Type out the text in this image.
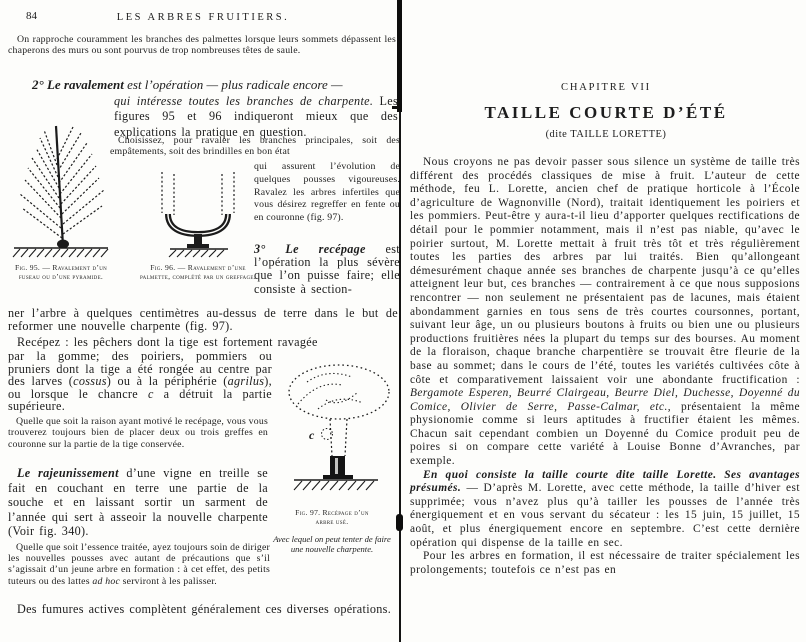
84	LES ARBRES FRUITIERS.
On rapproche couramment les branches des palmettes lorsque leurs sommets dépassent les chaperons des murs ou sont pourvus de trop nombreuses têtes de saule.
2° Le ravalement est l’opération — plus radicale encore —
qui intéresse toutes les branches de charpente. Les figures 95 et 96 indiqueront mieux que des explications la pratique en question.
Fig. 95. — Ravalement d’un fuseau ou d’une pyramide.
Choisissez, pour ravaler les branches principales, soit des empâtements, soit des brindilles en bon état
qui assurent l’évolution de quelques pousses vigoureuses. Ravalez les arbres infertiles que vous désirez regreffer en fente ou en couronne (fig. 97).
Fig. 96. — Ravalement d’une palmette, complété par un greffage.
3° Le recépage est l’opération la plus sévère que l’on puisse faire; elle consiste à section-
ner l’arbre à quelques centimètres au-dessus de terre dans le but de reformer une nouvelle charpente (fig. 97).
Recépez : les pêchers dont la tige est fortement ravagée
par la gomme; des poiriers, pommiers ou pruniers dont la tige a été rongée au centre par des larves (cossus) ou à la périphérie (agrilus), ou lorsque le chancre c a détruit la partie supérieure.
Quelle que soit la raison ayant motivé le recépage, vous vous trouverez toujours bien de placer deux ou trois greffes en couronne sur la partie de la tige conservée.
Le rajeunissement d’une vigne en treille se fait en couchant en terre une partie de la souche et en laissant sortir un sarment de l’année qui sert à asseoir la nouvelle charpente (Voir fig. 340).
c
Fig. 97. Recépage d’un arbre usé.
Avec lequel on peut tenter de faire une nouvelle charpente.
Quelle que soit l’essence traitée, ayez toujours soin de diriger les nouvelles pousses avec autant de précautions que s’il s’agissait d’un jeune arbre en formation : à cet effet, des petits tuteurs ou des lattes ad hoc serviront à les palisser.
Des fumures actives complètent généralement ces diverses opérations.
CHAPITRE VII
TAILLE COURTE D’ÉTÉ
(dite TAILLE LORETTE)

Nous croyons ne pas devoir passer sous silence un système de taille très différent des procédés classiques de mise à fruit. L’auteur de cette méthode, feu L. Lorette, ancien chef de pratique horticole à l’École d’agriculture de Wagnonville (Nord), traitait identiquement les poiriers et les pommiers. Peut-être y aura-t-il lieu d’apporter quelques rectifications de détail pour le pommier notamment, mais il n’est pas niable, qu’avec le poirier surtout, M. Lorette mettait à fruit très tôt et très régulièrement toutes les parties des arbres par lui traités. Bien qu’allongeant démesurément chaque année ses branches de charpente jusqu’à ce qu’elles atteignent leur but, ces branches — contrairement à ce que nous supposions rencontrer — non seulement ne présentaient pas de lacunes, mais étaient abondamment garnies en tous sens de très courtes coursonnes, portant, suivant leur âge, un ou plusieurs boutons à fruits ou bien une ou plusieurs productions fruitières nées la plupart du temps sur des bourses. Au moment de la floraison, chaque branche charpentière se trouvait être fleurie de la base au sommet; dans le cours de l’été, toutes les variétés cultivées côte à côte et comparativement laissaient voir une abondante fructification : Bergamote Esperen, Beurré Clairgeau, Beurre Diel, Duchesse, Doyenné du Comice, Olivier de Serre, Passe-Calmar, etc., présentaient la même physionomie comme si leurs aptitudes à fructifier étaient les mêmes. Chacun sait cependant combien un Doyenné du Comice produit peu de poires si on compare cette variété à Louise Bonne d’Avranches, par exemple.

En quoi consiste la taille courte dite taille Lorette. Ses avantages présumés. — D’après M. Lorette, avec cette méthode, la taille d’hiver est supprimée; vous n’avez plus qu’à tailler les pousses de l’année très énergiquement et en vous servant du sécateur : les 15 juin, 15 juillet, 15 août, et plus énergiquement encore en septembre. C’est cette dernière opération qui dispense de la taille en sec.

Pour les arbres en formation, il est nécessaire de traiter spécialement les prolongements; toutefois ce n’est pas en
